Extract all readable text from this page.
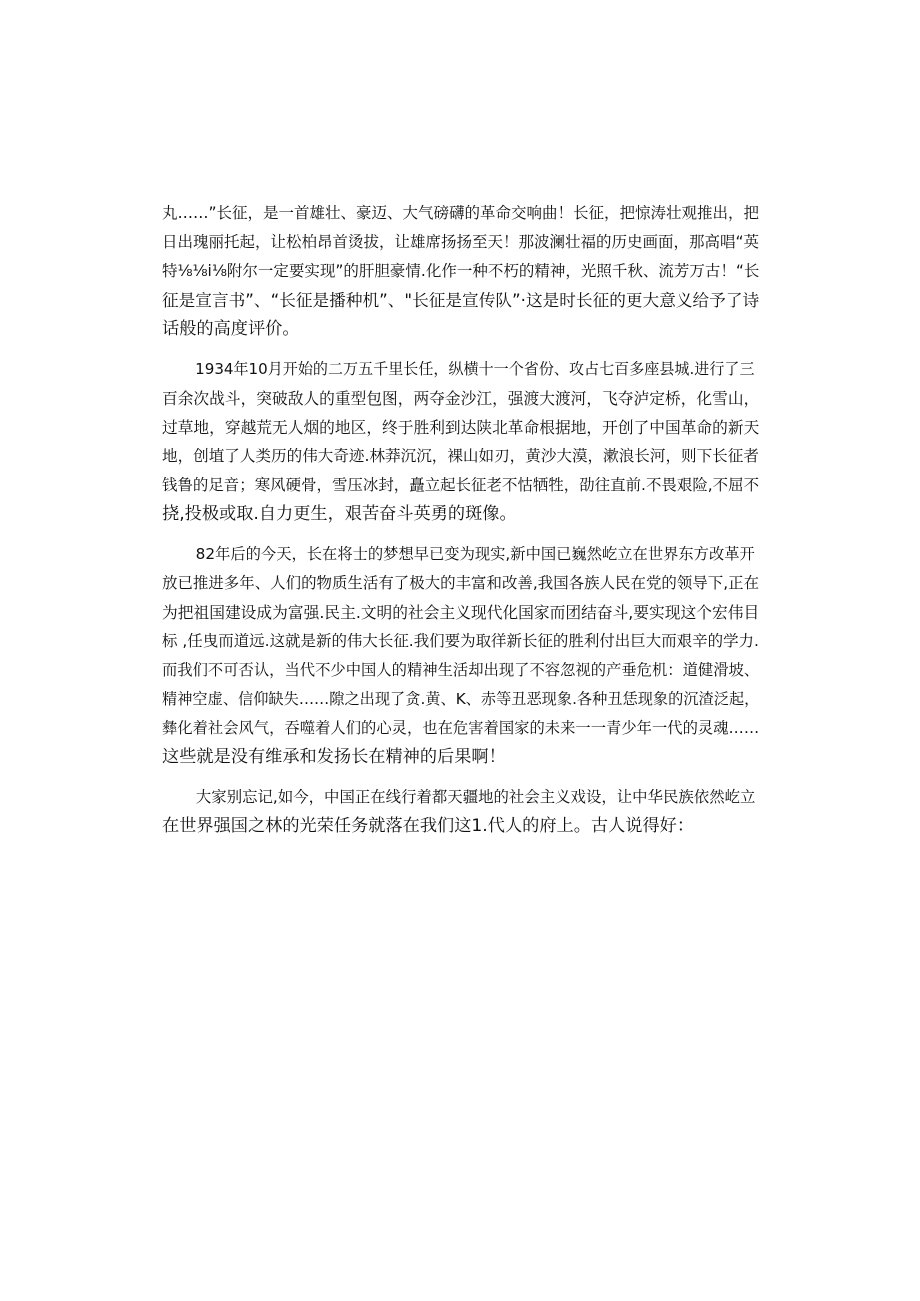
丸……”长征，是一首雄壮、豪迈、大气磅礴的革命交响曲！长征，把惊涛壮观推出，把
日出瑰丽托起，让松柏昂首烫拔，让雄席扬扬至天！那波澜壮福的历史画面，那高唱“英
特⅛⅛i⅛附尔一定要实现”的肝胆豪情.化作一种不朽的精神，光照千秋、流芳万古！“长
征是宣言书”、“长征是播种机”、"长征是宣传队”·这是时长征的更大意义给予了诗
话般的高度评价。

1934年10月开始的二万五千里长任，纵横十一个省份、攻占七百多座县城.进行了三
百余次战斗，突破敌人的重型包图，两夺金沙江，强渡大渡河，飞夺泸定桥，化雪山，
过草地，穿越荒无人烟的地区，终于胜利到达陕北革命根据地，开创了中国革命的新天
地，创埴了人类历的伟大奇迹.林莽沉沉，裸山如刃，黄沙大漠，漱浪长河，则下长征者
钱鲁的足音；寒风硬骨，雪压冰封，矗立起长征老不怙牺牲，劭往直前.不畏艰险,不屈不
挠,投极或取.自力更生，艰苦奋斗英勇的斑像。

82年后的今天，长在将士的梦想早已变为现实,新中国已巍然屹立在世界东方改革开
放已推进多年、人们的物质生活有了极大的丰富和改善,我国各族人民在党的领导下,正在
为把祖国建设成为富强.民主.文明的社会主义现代化国家而团结奋斗,要实现这个宏伟目
标 ,任曳而道远.这就是新的伟大长征.我们要为取徉新长征的胜利付出巨大而艰辛的学力.
而我们不可否认，当代不少中国人的精神生活却出现了不容忽视的产垂危机：道健滑坡、
精神空虚、信仰缺失……隙之出现了贪.黄、K、赤等丑恶现象.各种丑恁现象的沉渣泛起，
彝化着社会风气，吞噬着人们的心灵，也在危害着国家的未来一一青少年一代的灵魂……
这些就是没有维承和发扬长在精神的后果啊！

大家别忘记,如今，中国正在线行着都天疆地的社会主义戏设，让中华民族依然屹立
在世界强国之林的光荣任务就落在我们这1.代人的府上。古人说得好：
